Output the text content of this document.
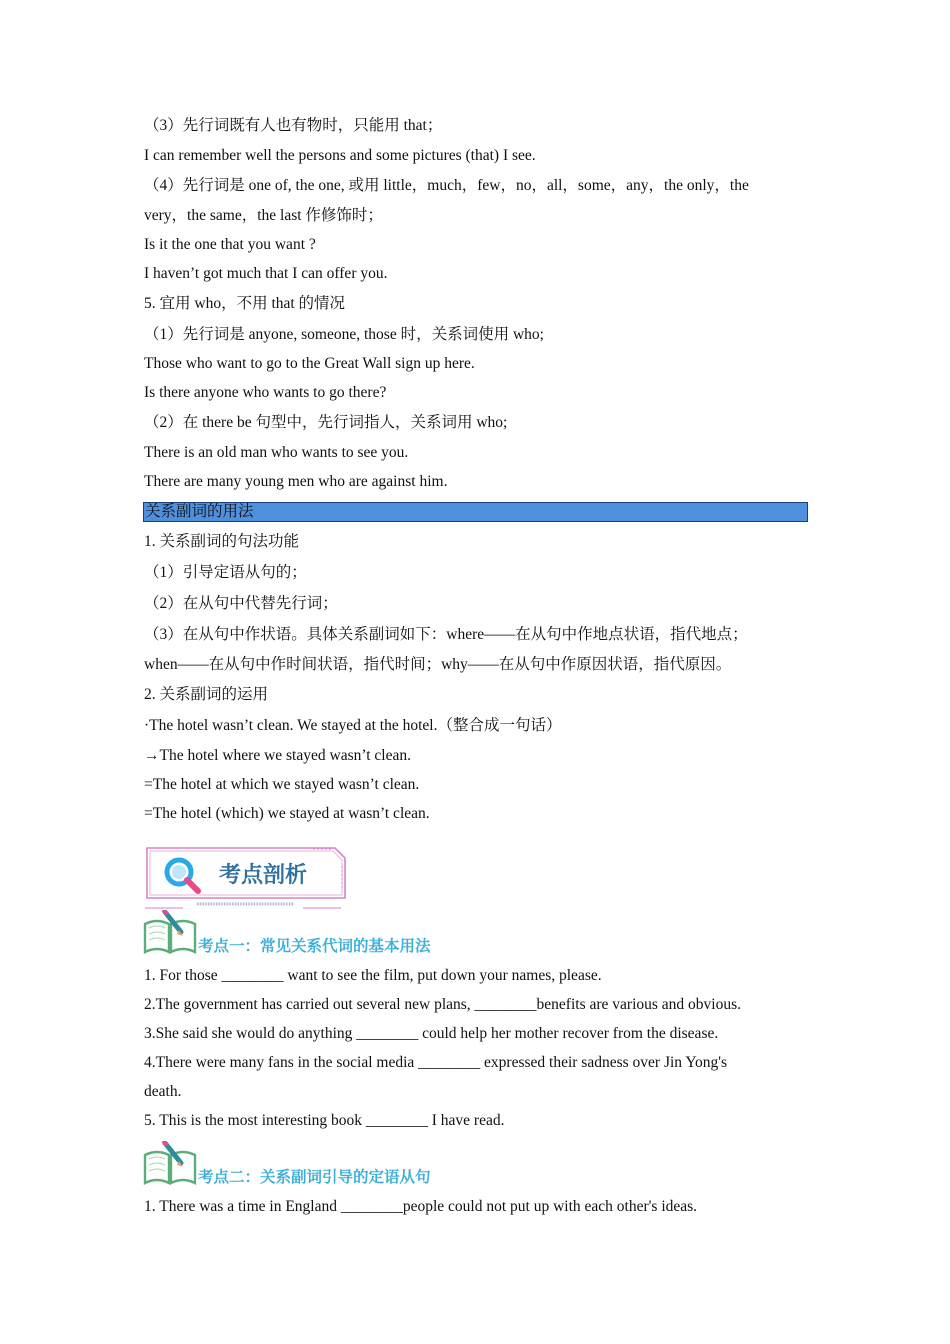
（3）先行词既有人也有物时，只能用 that；
I can remember well the persons and some pictures (that) I see.
（4）先行词是 one of, the one, 或用 little，much，few，no，all，some，any，the only，the
very，the same，the last 作修饰时；
Is it the one that you want ?
I haven’t got much that I can offer you.
5. 宜用 who，不用 that 的情况
（1）先行词是 anyone, someone, those 时，关系词使用 who;
Those who want to go to the Great Wall sign up here.
Is there anyone who wants to go there?
（2）在 there be 句型中，先行词指人，关系词用 who;
There is an old man who wants to see you.
There are many young men who are against him.
关系副词的用法
1. 关系副词的句法功能
（1）引导定语从句的；
（2）在从句中代替先行词；
（3）在从句中作状语。具体关系副词如下：where——在从句中作地点状语，指代地点；
when——在从句中作时间状语，指代时间；why——在从句中作原因状语，指代原因。
2. 关系副词的运用
·The hotel wasn’t clean. We stayed at the hotel.（整合成一句话）
→The hotel where we stayed wasn’t clean.
=The hotel at which we stayed wasn’t clean.
=The hotel (which) we stayed at wasn’t clean.
考点剖析
考点一：常见关系代词的基本用法
1. For those ________ want to see the film, put down your names, please.
2.The government has carried out several new plans, ________benefits are various and obvious.
3.She said she would do anything ________ could help her mother recover from the disease.
4.There were many fans in the social media ________ expressed their sadness over Jin Yong's
death.
5. This is the most interesting book ________ I have read.
考点二：关系副词引导的定语从句
1. There was a time in England ________people could not put up with each other's ideas.
